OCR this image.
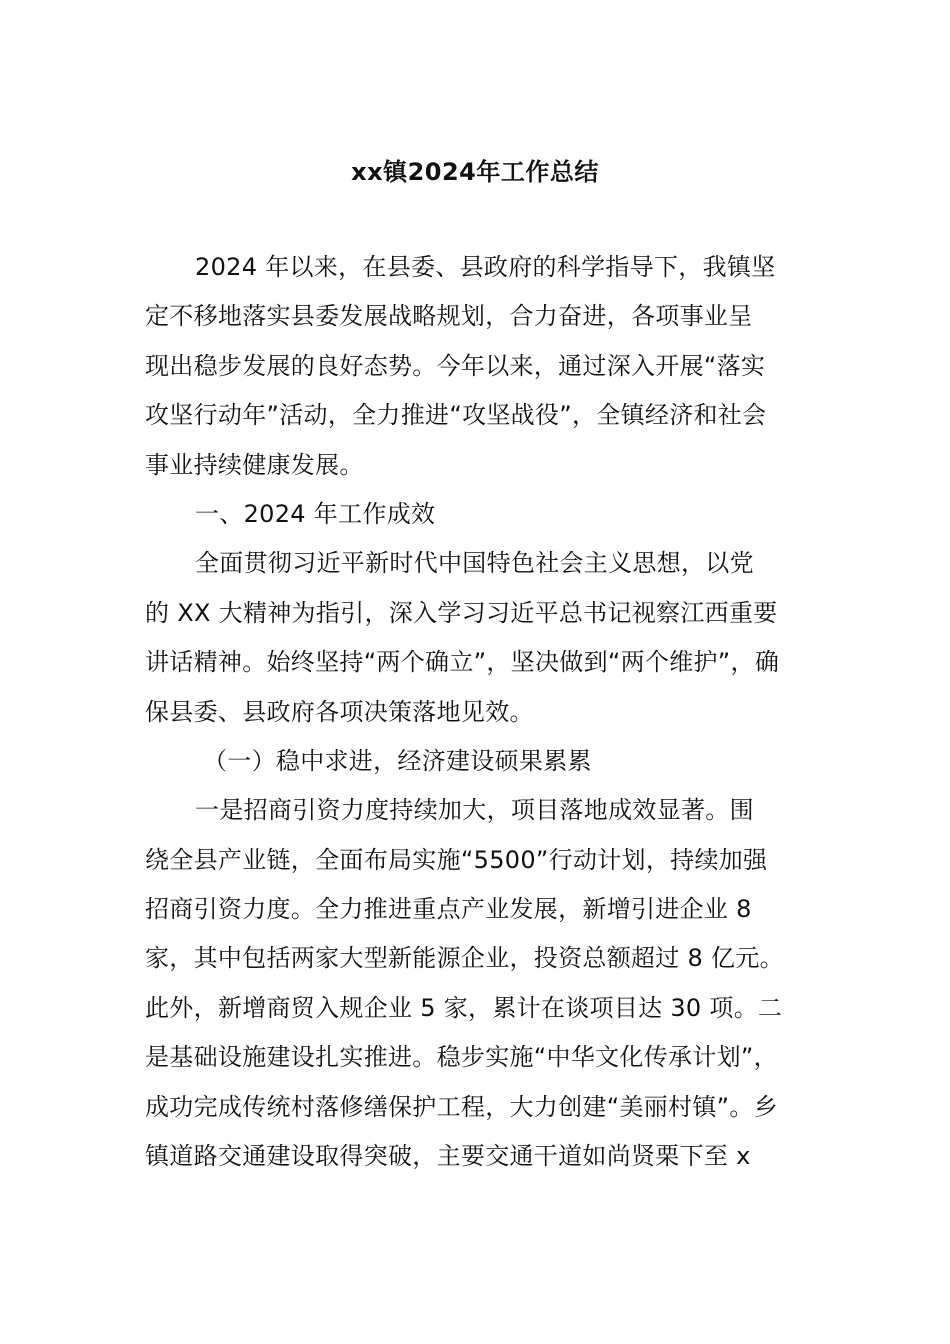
xx镇2024年工作总结
2024 年以来，在县委、县政府的科学指导下，我镇坚
定不移地落实县委发展战略规划，合力奋进，各项事业呈
现出稳步发展的良好态势。今年以来，通过深入开展“落实
攻坚行动年”活动，全力推进“攻坚战役”，全镇经济和社会
事业持续健康发展。
一、2024 年工作成效
全面贯彻习近平新时代中国特色社会主义思想，以党
的 XX 大精神为指引，深入学习习近平总书记视察江西重要
讲话精神。始终坚持“两个确立”，坚决做到“两个维护”，确
保县委、县政府各项决策落地见效。
（一）稳中求进，经济建设硕果累累
一是招商引资力度持续加大，项目落地成效显著。围
绕全县产业链，全面布局实施“5500”行动计划，持续加强
招商引资力度。全力推进重点产业发展，新增引进企业 8
家，其中包括两家大型新能源企业，投资总额超过 8 亿元。
此外，新增商贸入规企业 5 家，累计在谈项目达 30 项。二
是基础设施建设扎实推进。稳步实施“中华文化传承计划”，
成功完成传统村落修缮保护工程，大力创建“美丽村镇”。乡
镇道路交通建设取得突破，主要交通干道如尚贤栗下至 x
